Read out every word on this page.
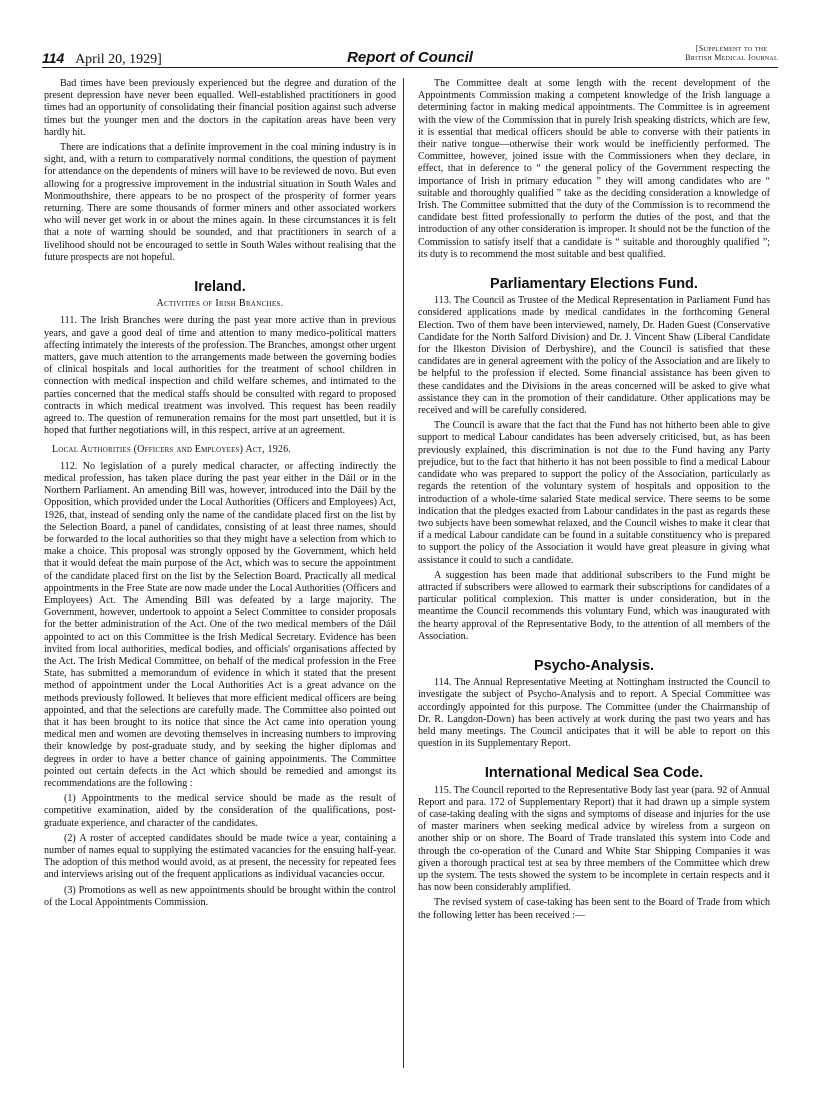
114 April 20, 1929]	Report of Council
[Supplement to the
British Medical Journal

Bad times have been previously experienced but the degree and duration of the present depression have never been equalled. Well-established practitioners in good times had an opportunity of consolidating their financial position against such adverse times but the younger men and the doctors in the capitation areas have been very hardly hit.

There are indications that a definite improvement in the coal mining industry is in sight, and, with a return to comparatively normal conditions, the question of payment for attendance on the dependents of miners will have to be reviewed de novo. But even allowing for a progressive improvement in the industrial situation in South Wales and Monmouthshire, there appears to be no prospect of the prosperity of former years returning. There are some thousands of former miners and other associated workers who will never get work in or about the mines again. In these circumstances it is felt that a note of warning should be sounded, and that practitioners in search of a livelihood should not be encouraged to settle in South Wales without realising that the future prospects are not hopeful.

Ireland.
Activities of Irish Branches.

111. The Irish Branches were during the past year more active than in previous years, and gave a good deal of time and attention to many medico-political matters affecting intimately the interests of the profession. The Branches, amongst other urgent matters, gave much attention to the arrangements made between the governing bodies of clinical hospitals and local authorities for the treatment of school children in connection with medical inspection and child welfare schemes, and intimated to the parties concerned that the medical staffs should be consulted with regard to proposed contracts in which medical treatment was involved. This request has been readily agreed to. The question of remuneration remains for the most part unsettled, but it is hoped that further negotiations will, in this respect, arrive at an agreement.

Local Authorities (Officers and Employees) Act, 1926.

112. No legislation of a purely medical character, or affecting indirectly the medical profession, has taken place during the past year either in the Dáil or in the Northern Parliament. An amending Bill was, however, introduced into the Dáil by the Opposition, which provided under the Local Authorities (Officers and Employees) Act, 1926, that, instead of sending only the name of the candidate placed first on the list by the Selection Board, a panel of candidates, consisting of at least three names, should be forwarded to the local authorities so that they might have a selection from which to make a choice. This proposal was strongly opposed by the Government, which held that it would defeat the main purpose of the Act, which was to secure the appointment of the candidate placed first on the list by the Selection Board. Practically all medical appointments in the Free State are now made under the Local Authorities (Officers and Employees) Act. The Amending Bill was defeated by a large majority. The Government, however, undertook to appoint a Select Committee to consider proposals for the better administration of the Act. One of the two medical members of the Dáil appointed to act on this Committee is the Irish Medical Secretary. Evidence has been invited from local authorities, medical bodies, and officials' organisations affected by the Act. The Irish Medical Committee, on behalf of the medical profession in the Free State, has submitted a memorandum of evidence in which it stated that the present method of appointment under the Local Authorities Act is a great advance on the methods previously followed. It believes that more efficient medical officers are being appointed, and that the selections are carefully made. The Committee also pointed out that it has been brought to its notice that since the Act came into operation young medical men and women are devoting themselves in increasing numbers to improving their knowledge by post-graduate study, and by seeking the higher diplomas and degrees in order to have a better chance of gaining appointments. The Committee pointed out certain defects in the Act which should be remedied and amongst its recommendations are the following :

(1) Appointments to the medical service should be made as the result of competitive examination, aided by the consideration of the qualifications, post-graduate experience, and character of the candidates.

(2) A roster of accepted candidates should be made twice a year, containing a number of names equal to supplying the estimated vacancies for the ensuing half-year. The adoption of this method would avoid, as at present, the necessity for repeated fees and interviews arising out of the frequent applications as individual vacancies occur.

(3) Promotions as well as new appointments should be brought within the control of the Local Appointments Commission.

The Committee dealt at some length with the recent development of the Appointments Commission making a competent knowledge of the Irish language a determining factor in making medical appointments. The Committee is in agreement with the view of the Commission that in purely Irish speaking districts, which are few, it is essential that medical officers should be able to converse with their patients in their native tongue—otherwise their work would be inefficiently performed. The Committee, however, joined issue with the Commissioners when they declare, in effect, that in deference to “ the general policy of the Government respecting the importance of Irish in primary education ” they will among candidates who are “ suitable and thoroughly qualified ” take as the deciding consideration a knowledge of Irish. The Committee submitted that the duty of the Commission is to recommend the candidate best fitted professionally to perform the duties of the post, and that the introduction of any other consideration is improper. It should not be the function of the Commission to satisfy itself that a candidate is “ suitable and thoroughly qualified ”; its duty is to recommend the most suitable and best qualified.

Parliamentary Elections Fund.

113. The Council as Trustee of the Medical Representation in Parliament Fund has considered applications made by medical candidates in the forthcoming General Election. Two of them have been interviewed, namely, Dr. Haden Guest (Conservative Candidate for the North Salford Division) and Dr. J. Vincent Shaw (Liberal Candidate for the Ilkeston Division of Derbyshire), and the Council is satisfied that these candidates are in general agreement with the policy of the Association and are likely to be helpful to the profession if elected. Some financial assistance has been given to these candidates and the Divisions in the areas concerned will be asked to give what assistance they can in the promotion of their candidature. Other applications may be received and will be carefully considered.

The Council is aware that the fact that the Fund has not hitherto been able to give support to medical Labour candidates has been adversely criticised, but, as has been previously explained, this discrimination is not due to the Fund having any Party prejudice, but to the fact that hitherto it has not been possible to find a medical Labour candidate who was prepared to support the policy of the Association, particularly as regards the retention of the voluntary system of hospitals and opposition to the introduction of a whole-time salaried State medical service. There seems to be some indication that the pledges exacted from Labour candidates in the past as regards these two subjects have been somewhat relaxed, and the Council wishes to make it clear that if a medical Labour candidate can be found in a suitable constituency who is prepared to support the policy of the Association it would have great pleasure in giving what assistance it could to such a candidate.

A suggestion has been made that additional subscribers to the Fund might be attracted if subscribers were allowed to earmark their subscriptions for candidates of a particular political complexion. This matter is under consideration, but in the meantime the Council recommends this voluntary Fund, which was inaugurated with the hearty approval of the Representative Body, to the attention of all members of the Association.

Psycho-Analysis.

114. The Annual Representative Meeting at Nottingham instructed the Council to investigate the subject of Psycho-Analysis and to report. A Special Committee was accordingly appointed for this purpose. The Committee (under the Chairmanship of Dr. R. Langdon-Down) has been actively at work during the past two years and has held many meetings. The Council anticipates that it will be able to report on this question in its Supplementary Report.

International Medical Sea Code.

115. The Council reported to the Representative Body last year (para. 92 of Annual Report and para. 172 of Supplementary Report) that it had drawn up a simple system of case-taking dealing with the signs and symptoms of disease and injuries for the use of master mariners when seeking medical advice by wireless from a surgeon on another ship or on shore. The Board of Trade translated this system into Code and through the co-operation of the Cunard and White Star Shipping Companies it was given a thorough practical test at sea by three members of the Committee which drew up the system. The tests showed the system to be incomplete in certain respects and it has now been considerably amplified.

The revised system of case-taking has been sent to the Board of Trade from which the following letter has been received :—
